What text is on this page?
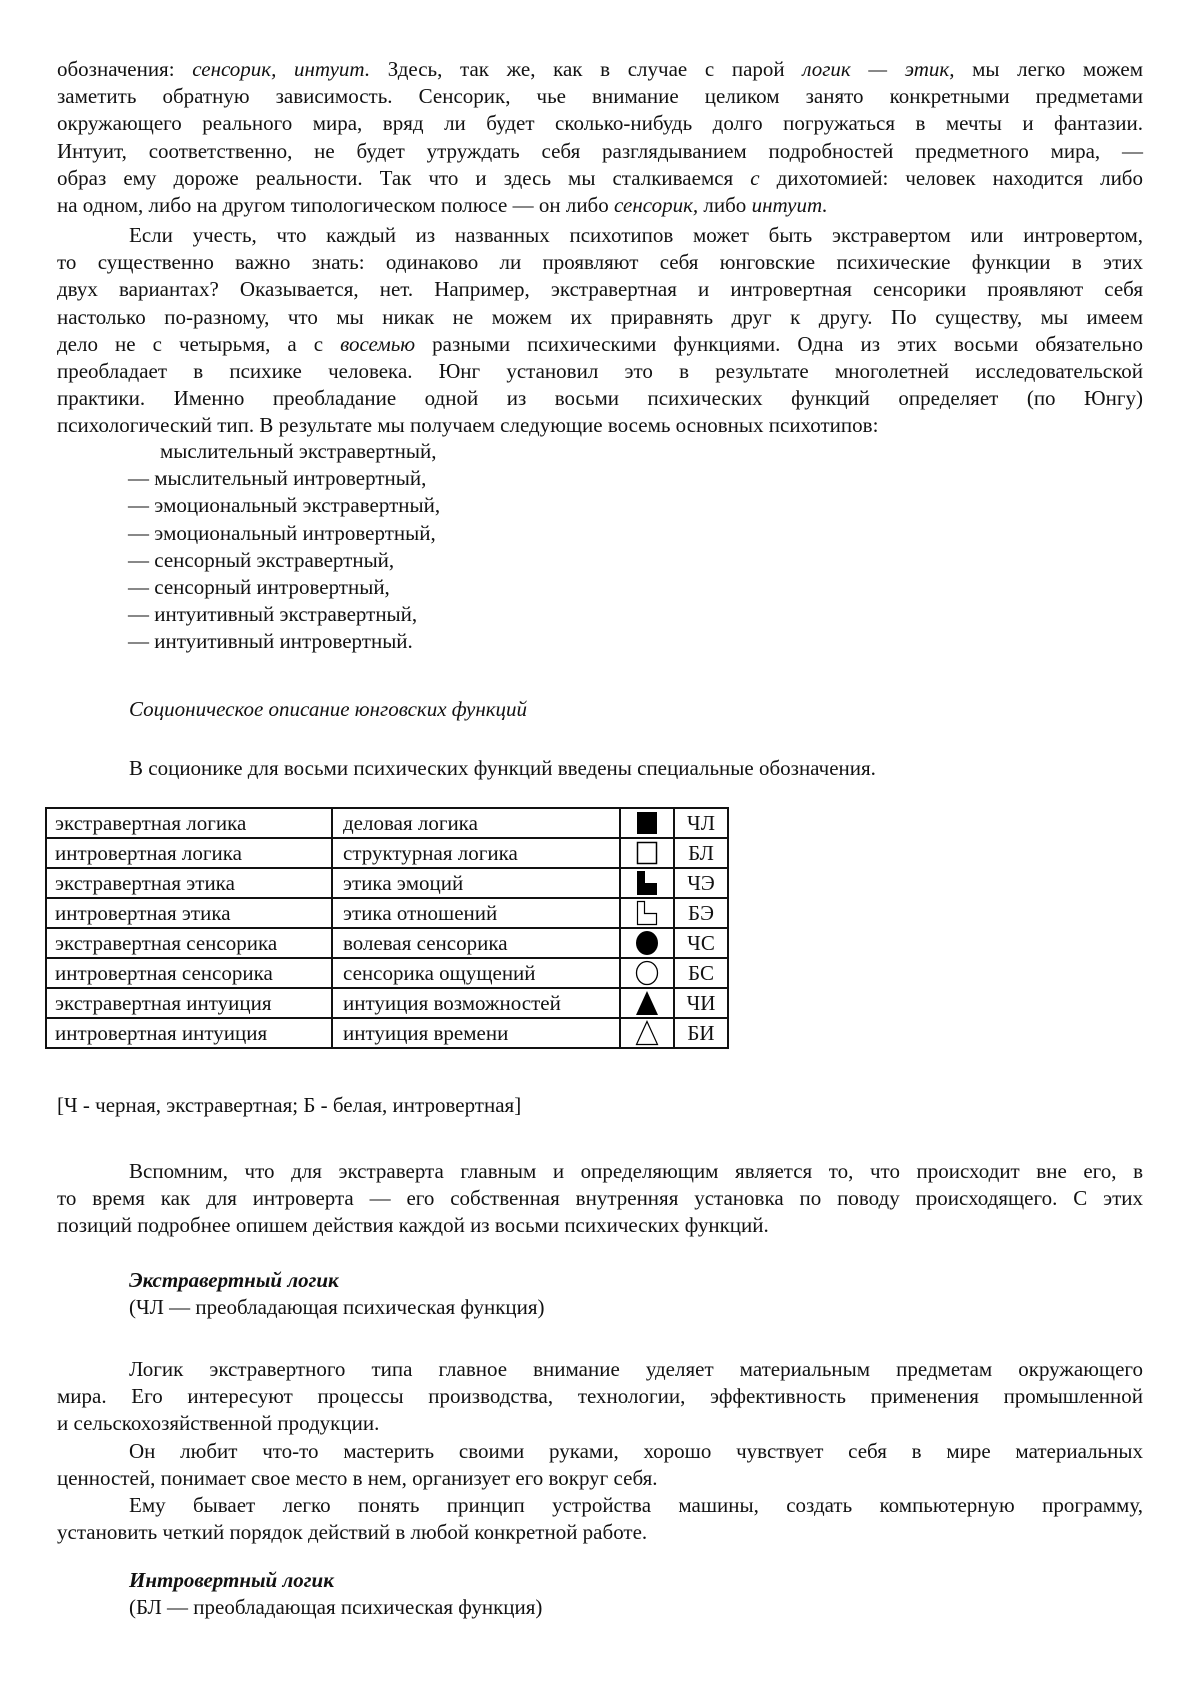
обозначения: сенсорик, интуит. Здесь, так же, как в случае с парой логик — этик, мы легко можем
заметить обратную зависимость. Сенсорик, чье внимание целиком занято конкретными предметами
окружающего реального мира, вряд ли будет сколько-нибудь долго погружаться в мечты и фантазии.
Интуит, соответственно, не будет утруждать себя разглядыванием подробностей предметного мира, —
образ ему дороже реальности. Так что и здесь мы сталкиваемся с дихотомией: человек находится либо
на одном, либо на другом типологическом полюсе — он либо сенсорик, либо интуит.
Если учесть, что каждый из названных психотипов может быть экстравертом или интровертом,
то существенно важно знать: одинаково ли проявляют себя юнговские психические функции в этих
двух вариантах? Оказывается, нет. Например, экстравертная и интровертная сенсорики проявляют себя
настолько по-разному, что мы никак не можем их приравнять друг к другу. По существу, мы имеем
дело не с четырьмя, а с восемью разными психическими функциями. Одна из этих восьми обязательно
преобладает в психике человека. Юнг установил это в результате многолетней исследовательской
практики. Именно преобладание одной из восьми психических функций определяет (по Юнгу)
психологический тип. В результате мы получаем следующие восемь основных психотипов:
мыслительный экстравертный,
— мыслительный интровертный,
— эмоциональный экстравертный,
— эмоциональный интровертный,
— сенсорный экстравертный,
— сенсорный интровертный,
— интуитивный экстравертный,
— интуитивный интровертный.
Соционическое описание юнговских функций
В соционике для восьми психических функций введены специальные обозначения.
экстравертная логика	деловая логика		ЧЛ
интровертная логика	структурная логика		БЛ
экстравертная этика	этика эмоций		ЧЭ
интровертная этика	этика отношений		БЭ
экстравертная сенсорика	волевая сенсорика		ЧС
интровертная сенсорика	сенсорика ощущений		БС
экстравертная интуиция	интуиция возможностей		ЧИ
интровертная интуиция	интуиция времени		БИ
[Ч - черная, экстравертная; Б - белая, интровертная]
Вспомним, что для экстраверта главным и определяющим является то, что происходит вне его, в
то время как для интроверта — его собственная внутренняя установка по поводу происходящего. С этих
позиций подробнее опишем действия каждой из восьми психических функций.
Экстравертный логик
(ЧЛ — преобладающая психическая функция)
Логик экстравертного типа главное внимание уделяет материальным предметам окружающего
мира. Его интересуют процессы производства, технологии, эффективность применения промышленной
и сельскохозяйственной продукции.
Он любит что-то мастерить своими руками, хорошо чувствует себя в мире материальных
ценностей, понимает свое место в нем, организует его вокруг себя.
Ему бывает легко понять принцип устройства машины, создать компьютерную программу,
установить четкий порядок действий в любой конкретной работе.
Интровертный логик
(БЛ — преобладающая психическая функция)
